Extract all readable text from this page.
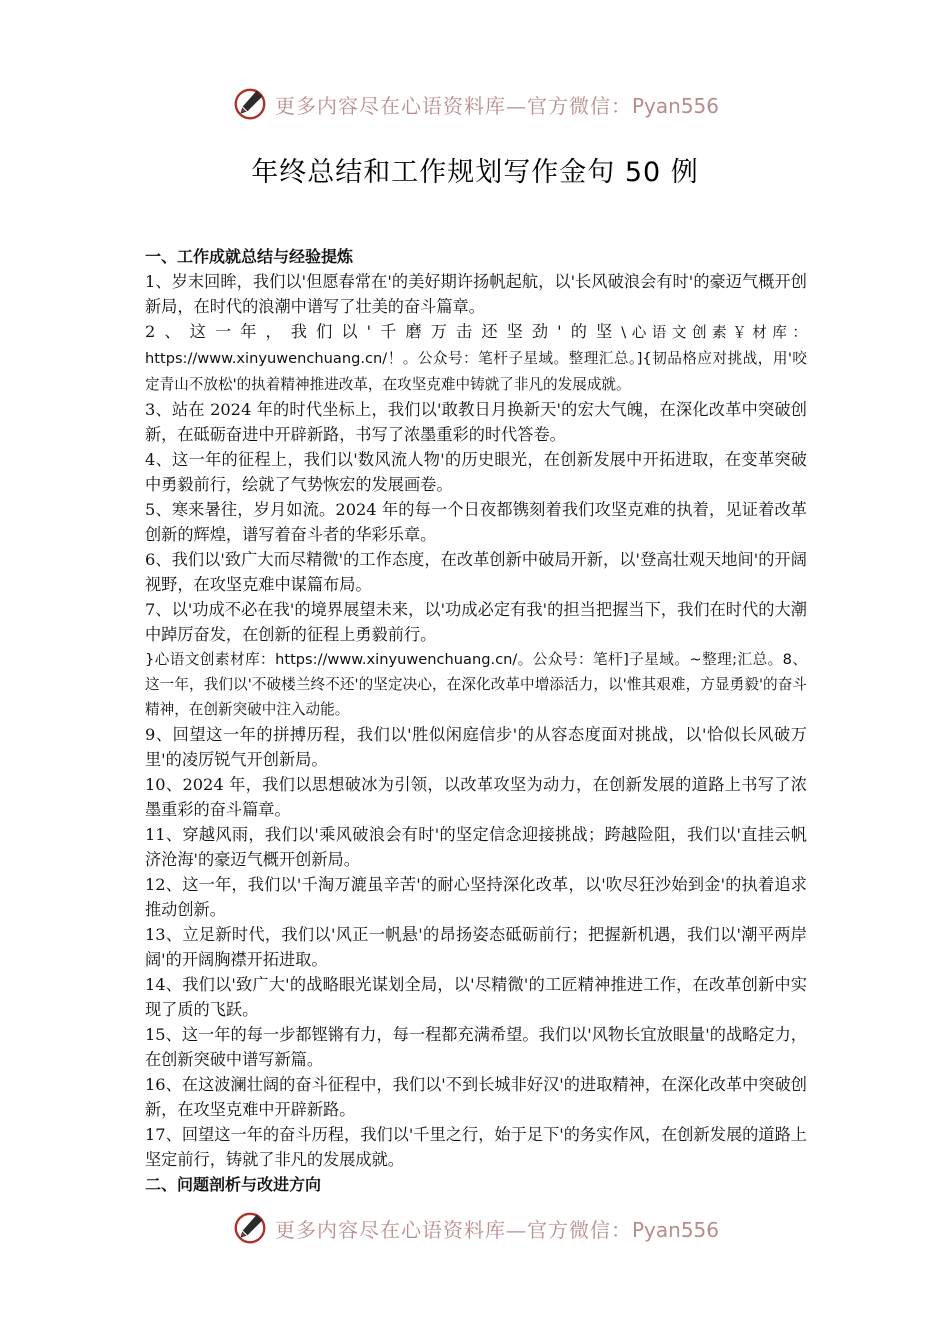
更多内容尽在心语资料库—官方微信：Pyan556
年终总结和工作规划写作金句 50 例

一、工作成就总结与经验提炼

1、岁末回眸，我们以'但愿春常在'的美好期许扬帆起航，以'长风破浪会有时'的豪迈气概开创新局，在时代的浪潮中谱写了壮美的奋斗篇章。

2、这一年，我们以'千磨万击还坚劲'的坚\心语文创素￥材库：https://www.xinyuwenchuang.cn/！。公众号：笔杆子星域。整理汇总。]{韧品格应对挑战，用'咬定青山不放松'的执着精神推进改革，在攻坚克难中铸就了非凡的发展成就。

3、站在 2024 年的时代坐标上，我们以'敢教日月换新天'的宏大气魄，在深化改革中突破创新，在砥砺奋进中开辟新路，书写了浓墨重彩的时代答卷。

4、这一年的征程上，我们以'数风流人物'的历史眼光，在创新发展中开拓进取，在变革突破中勇毅前行，绘就了气势恢宏的发展画卷。

5、寒来暑往，岁月如流。2024 年的每一个日夜都镌刻着我们攻坚克难的执着，见证着改革创新的辉煌，谱写着奋斗者的华彩乐章。

6、我们以'致广大而尽精微'的工作态度，在改革创新中破局开新，以'登高壮观天地间'的开阔视野，在攻坚克难中谋篇布局。

7、以'功成不必在我'的境界展望未来，以'功成必定有我'的担当把握当下，我们在时代的大潮中踔厉奋发，在创新的征程上勇毅前行。

}心语文创素材库：https://www.xinyuwenchuang.cn/。公众号：笔杆]子星域。~整理;汇总。8、这一年，我们以'不破楼兰终不还'的坚定决心，在深化改革中增添活力，以'惟其艰难，方显勇毅'的奋斗精神，在创新突破中注入动能。

9、回望这一年的拼搏历程，我们以'胜似闲庭信步'的从容态度面对挑战，以'恰似长风破万里'的凌厉锐气开创新局。

10、2024 年，我们以思想破冰为引领，以改革攻坚为动力，在创新发展的道路上书写了浓墨重彩的奋斗篇章。

11、穿越风雨，我们以'乘风破浪会有时'的坚定信念迎接挑战；跨越险阻，我们以'直挂云帆济沧海'的豪迈气概开创新局。

12、这一年，我们以'千淘万漉虽辛苦'的耐心坚持深化改革，以'吹尽狂沙始到金'的执着追求推动创新。

13、立足新时代，我们以'风正一帆悬'的昂扬姿态砥砺前行；把握新机遇，我们以'潮平两岸阔'的开阔胸襟开拓进取。

14、我们以'致广大'的战略眼光谋划全局，以'尽精微'的工匠精神推进工作，在改革创新中实现了质的飞跃。

15、这一年的每一步都铿锵有力，每一程都充满希望。我们以'风物长宜放眼量'的战略定力，在创新突破中谱写新篇。

16、在这波澜壮阔的奋斗征程中，我们以'不到长城非好汉'的进取精神，在深化改革中突破创新，在攻坚克难中开辟新路。

17、回望这一年的奋斗历程，我们以'千里之行，始于足下'的务实作风，在创新发展的道路上坚定前行，铸就了非凡的发展成就。

二、问题剖析与改进方向

更多内容尽在心语资料库—官方微信：Pyan556
